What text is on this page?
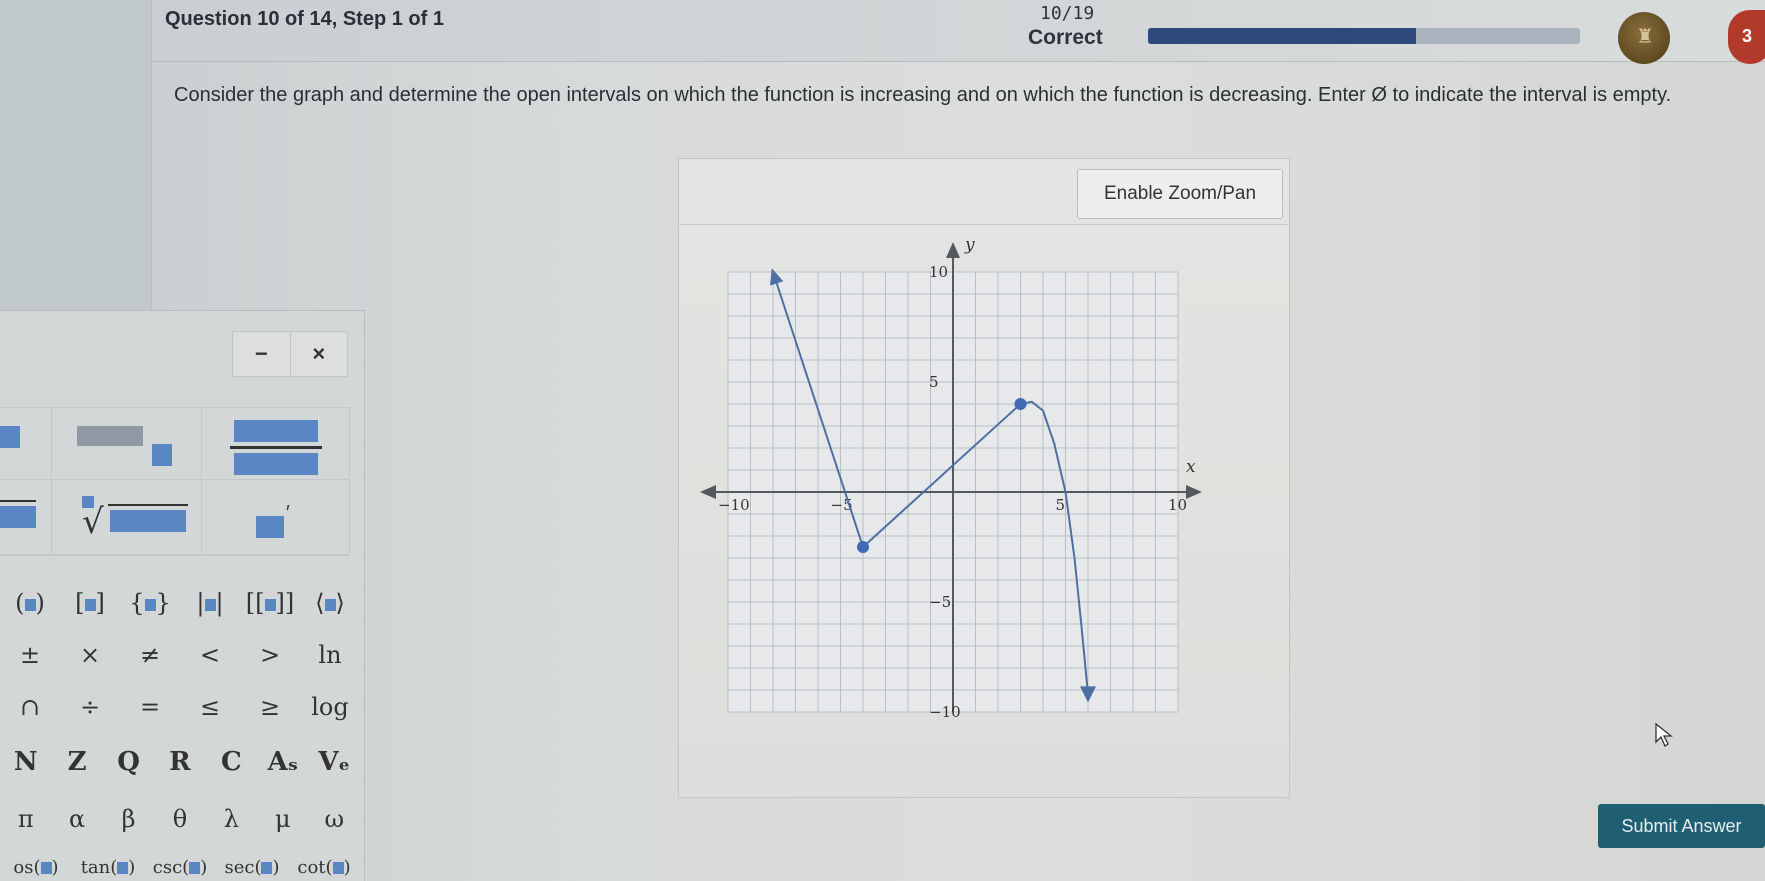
Question 10 of 14, Step 1 of 1	10/19
Correct	♜	3
Consider the graph and determine the open intervals on which the function is increasing and on which the function is decreasing. Enter Ø to indicate the interval is empty.
Enable Zoom/Pan
x
y
−10	−5	5	10
10
5
−5
−10
−	×
√	′
( )	[ ]	{ }	| | [[ ]] ⟨ ⟩
±	×	≠	<	>	ln
∩	÷	=	≤	≥	log
N	Z	Q	R	C Aₛ Vₑ
π	α	β	θ	λ	μ	ω
os( )	tan( ) csc( ) sec( ) cot( )
Submit Answer
